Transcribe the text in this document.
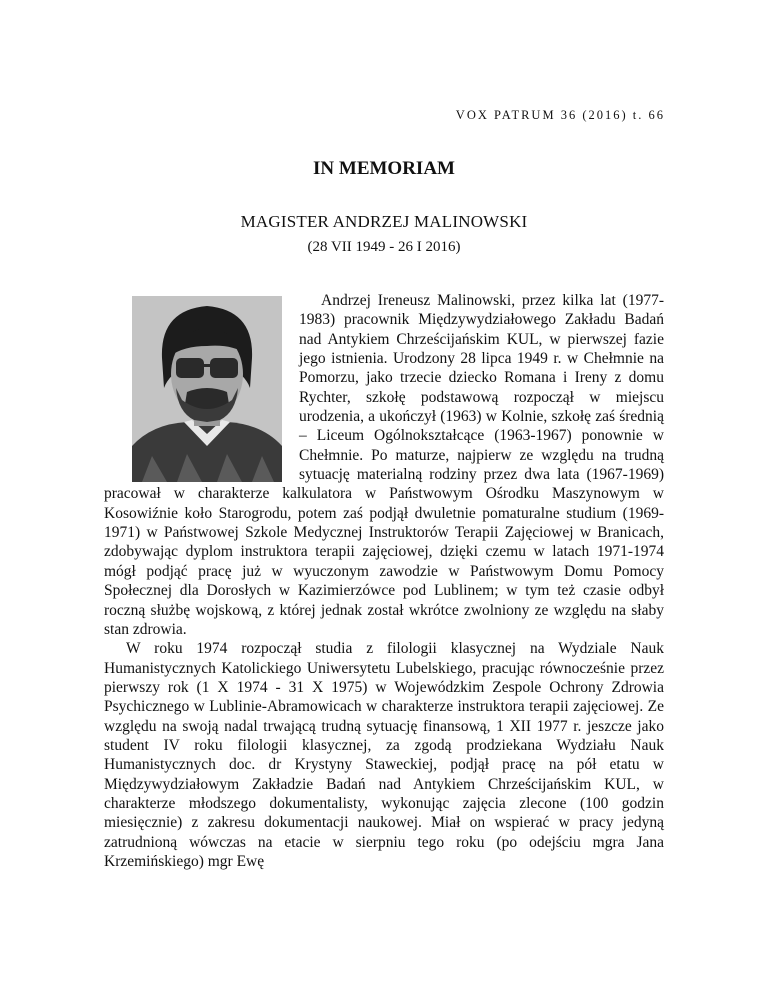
VOX PATRUM 36 (2016) t. 66
IN MEMORIAM
MAGISTER ANDRZEJ MALINOWSKI
(28 VII 1949 - 26 I 2016)

Andrzej Ireneusz Malinowski, przez kilka lat (1977-1983) pracownik Międzywydziałowego Zakładu Badań nad Antykiem Chrześcijańskim KUL, w pierwszej fazie jego istnienia. Urodzony 28 lipca 1949 r. w Chełmnie na Pomorzu, jako trzecie dziecko Romana i Ireny z domu Rychter, szkołę podstawową rozpoczął w miejscu urodzenia, a ukończył (1963) w Kolnie, szkołę zaś średnią – Liceum Ogólnokształcące (1963-1967) ponownie w Chełmnie. Po maturze, najpierw ze względu na trudną sytuację materialną rodziny przez dwa lata (1967-1969) pracował w charakterze kalkulatora w Państwowym Ośrodku Maszynowym w Kosowiźnie koło Starogrodu, potem zaś podjął dwuletnie pomaturalne studium (1969-1971) w Państwowej Szkole Medycznej Instruktorów Terapii Zajęciowej w Branicach, zdobywając dyplom instruktora terapii zajęciowej, dzięki czemu w latach 1971-1974 mógł podjąć pracę już w wyuczonym zawodzie w Państwowym Domu Pomocy Społecznej dla Dorosłych w Kazimierzówce pod Lublinem; w tym też czasie odbył roczną służbę wojskową, z której jednak został wkrótce zwolniony ze względu na słaby stan zdrowia.

W roku 1974 rozpoczął studia z filologii klasycznej na Wydziale Nauk Humanistycznych Katolickiego Uniwersytetu Lubelskiego, pracując równocześnie przez pierwszy rok (1 X 1974 - 31 X 1975) w Wojewódzkim Zespole Ochrony Zdrowia Psychicznego w Lublinie-Abramowicach w charakterze instruktora terapii zajęciowej. Ze względu na swoją nadal trwającą trudną sytuację finansową, 1 XII 1977 r. jeszcze jako student IV roku filologii klasycznej, za zgodą prodziekana Wydziału Nauk Humanistycznych doc. dr Krystyny Staweckiej, podjął pracę na pół etatu w Międzywydziałowym Zakładzie Badań nad Antykiem Chrześcijańskim KUL, w charakterze młodszego dokumentalisty, wykonując zajęcia zlecone (100 godzin miesięcznie) z zakresu dokumentacji naukowej. Miał on wspierać w pracy jedyną zatrudnioną wówczas na etacie w sierpniu tego roku (po odejściu mgra Jana Krzemińskiego) mgr Ewę
